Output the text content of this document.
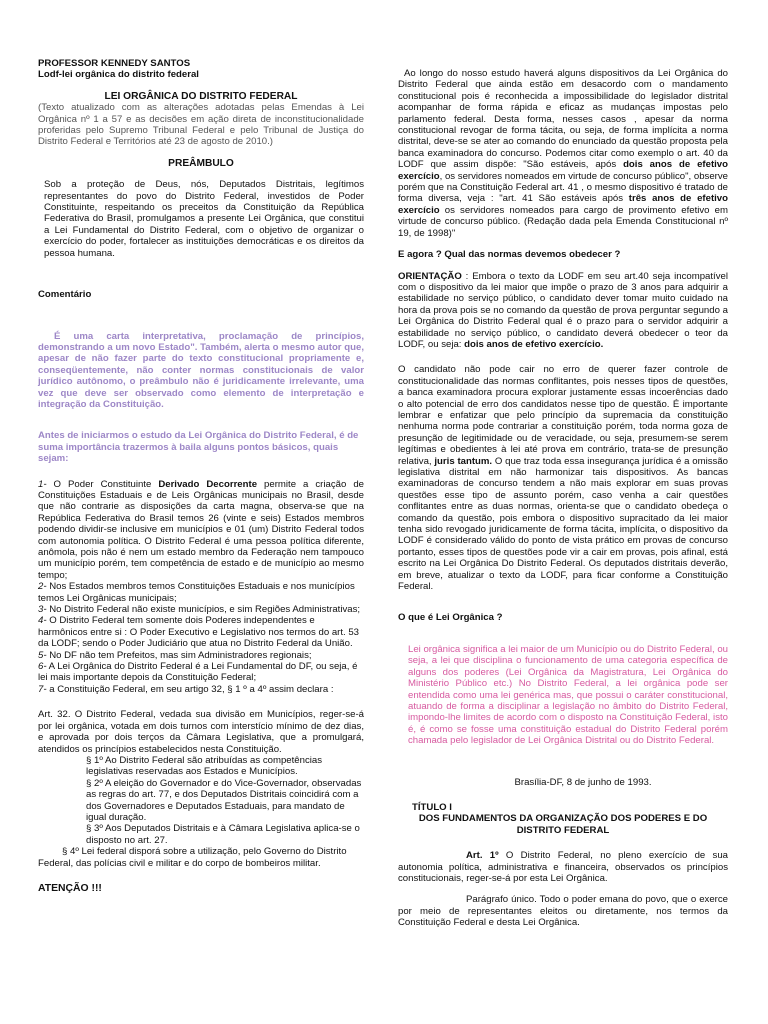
PROFESSOR KENNEDY SANTOS

Lodf-lei orgânica do distrito federal

LEI ORGÂNICA DO DISTRITO FEDERAL

(Texto atualizado com as alterações adotadas pelas Emendas à Lei Orgânica nº 1 a 57 e as decisões em ação direta de inconstitucionalidade proferidas pelo Supremo Tribunal Federal e pelo Tribunal de Justiça do Distrito Federal e Territórios até 23 de agosto de 2010.)

PREÂMBULO

Sob a proteção de Deus, nós, Deputados Distritais, legítimos representantes do povo do Distrito Federal, investidos de Poder Constituinte, respeitando os preceitos da Constituição da República Federativa do Brasil, promulgamos a presente Lei Orgânica, que constitui a Lei Fundamental do Distrito Federal, com o objetivo de organizar o exercício do poder, fortalecer as instituições democráticas e os direitos da pessoa humana.

Comentário

É uma carta interpretativa, proclamação de princípios, demonstrando a um novo Estado". Também, alerta o mesmo autor que, apesar de não fazer parte do texto constitucional propriamente e, conseqüentemente, não conter normas constitucionais de valor jurídico autônomo, o preâmbulo não é juridicamente irrelevante, uma vez que deve ser observado como elemento de interpretação e integração da Constituição.

Antes de iniciarmos o estudo da Lei Orgânica do Distrito Federal, é de suma importância trazermos à baila alguns pontos básicos, quais sejam:

1- O Poder Constituinte Derivado Decorrente permite a criação de Constituições Estaduais e de Leis Orgânicas municipais no Brasil, desde que não contrarie as disposições da carta magna, observa-se que na República Federativa do Brasil temos 26 (vinte e seis) Estados membros podendo dividir-se inclusive em municípios e 01 (um) Distrito Federal todos com autonomia política. O Distrito Federal é uma pessoa política diferente, anômola, pois não é nem um estado membro da Federação nem tampouco um município porém, tem competência de estado e de município ao mesmo tempo;

2- Nos Estados membros temos Constituições Estaduais e nos municípios temos Lei Orgânicas municipais;

3- No Distrito Federal não existe municípios, e sim Regiões Administrativas;

4- O Distrito Federal tem somente dois Poderes independentes e harmônicos entre si : O Poder Executivo e Legislativo nos termos do art. 53 da LODF; sendo o Poder Judiciário que atua no Distrito Federal da União.

5- No DF não tem Prefeitos, mas sim Administradores regionais;

6- A Lei Orgânica do Distrito Federal é a Lei Fundamental do DF, ou seja, é lei mais importante depois da Constituição Federal;

7- a Constituição Federal, em seu artigo 32, § 1 º a 4º assim declara :

Art. 32. O Distrito Federal, vedada sua divisão em Municípios, reger-se-á por lei orgânica, votada em dois turnos com interstício mínimo de dez dias, e aprovada por dois terços da Câmara Legislativa, que a promulgará, atendidos os princípios estabelecidos nesta Constituição.

§ 1º Ao Distrito Federal são atribuídas as competências legislativas reservadas aos Estados e Municípios.

§ 2º A eleição do Governador e do Vice-Governador, observadas as regras do art. 77, e dos Deputados Distritais coincidirá com a dos Governadores e Deputados Estaduais, para mandato de igual duração.

§ 3º Aos Deputados Distritais e à Câmara Legislativa aplica-se o disposto no art. 27.

§ 4º Lei federal disporá sobre a utilização, pelo Governo do Distrito Federal, das polícias civil e militar e do corpo de bombeiros militar.

ATENÇÃO !!!

Ao longo do nosso estudo haverá alguns dispositivos da Lei Orgânica do Distrito Federal que ainda estão em desacordo com o mandamento constitucional pois é reconhecida a impossibilidade do legislador distrital acompanhar de forma rápida e eficaz as mudanças impostas pelo parlamento federal. Desta forma, nesses casos , apesar da norma constitucional revogar de forma tácita, ou seja, de forma implícita a norma distrital, deve-se se ater ao comando do enunciado da questão proposta pela banca examinadora do concurso. Podemos citar como exemplo o art. 40 da LODF que assim dispõe: "São estáveis, após dois anos de efetivo exercício, os servidores nomeados em virtude de concurso público", observe porém que na Constituição Federal art. 41 , o mesmo dispositivo é tratado de forma diversa, veja : "art. 41 São estáveis após três anos de efetivo exercício os servidores nomeados para cargo de provimento efetivo em virtude de concurso público. (Redação dada pela Emenda Constitucional nº 19, de 1998)"

E agora ? Qual das normas devemos obedecer ?

ORIENTAÇÃO : Embora o texto da LODF em seu art.40 seja incompatível com o dispositivo da lei maior que impõe o prazo de 3 anos para adquirir a estabilidade no serviço público, o candidato dever tomar muito cuidado na hora da prova pois se no comando da questão de prova perguntar segundo a Lei Orgânica do Distrito Federal qual é o prazo para o servidor adquirir a estabilidade no serviço público, o candidato deverá obedecer o teor da LODF, ou seja: dois anos de efetivo exercício.

O candidato não pode cair no erro de querer fazer controle de constitucionalidade das normas conflitantes, pois nesses tipos de questões, a banca examinadora procura explorar justamente essas incoerências dado o alto potencial de erro dos candidatos nesse tipo de questão. É importante lembrar e enfatizar que pelo princípio da supremacia da constituição nenhuma norma pode contrariar a constituição porém, toda norma goza de presunção de legitimidade ou de veracidade, ou seja, presumem-se serem legítimas e obedientes à lei até prova em contrário, trata-se de presunção relativa, juris tantum. O que traz toda essa insegurança jurídica é a omissão legislativa distrital em não harmonizar tais dispositivos. As bancas examinadoras de concurso tendem a não mais explorar em suas provas questões esse tipo de assunto porém, caso venha a cair questões conflitantes entre as duas normas, orienta-se que o candidato obedeça o comando da questão, pois embora o dispositivo supracitado da lei maior tenha sido revogado juridicamente de forma tácita, implícita, o dispositivo da LODF é considerado válido do ponto de vista prático em provas de concurso portanto, esses tipos de questões pode vir a cair em provas, pois afinal, está escrito na Lei Orgânica Do Distrito Federal. Os deputados distritais deverão, em breve, atualizar o texto da LODF, para ficar conforme a Constituição Federal.

O que é Lei Orgânica ?

Lei orgânica significa a lei maior de um Município ou do Distrito Federal, ou seja, a lei que disciplina o funcionamento de uma categoria específica de alguns dos poderes (Lei Orgânica da Magistratura, Lei Orgânica do Ministério Público etc.) No Distrito Federal, a lei orgânica pode ser entendida como uma lei genérica mas, que possui o caráter constitucional, atuando de forma a disciplinar a legislação no âmbito do Distrito Federal, impondo-lhe limites de acordo com o disposto na Constituição Federal, isto é, é como se fosse uma constituição estadual do Distrito Federal porém chamada pelo legislador de Lei Orgânica Distrital ou do Distrito Federal.

Brasília-DF, 8 de junho de 1993.

TÍTULO I

DOS FUNDAMENTOS DA ORGANIZAÇÃO DOS PODERES E DO DISTRITO FEDERAL

Art. 1º O Distrito Federal, no pleno exercício de sua autonomia política, administrativa e financeira, observados os princípios constitucionais, reger-se-á por esta Lei Orgânica.

Parágrafo único. Todo o poder emana do povo, que o exerce por meio de representantes eleitos ou diretamente, nos termos da Constituição Federal e desta Lei Orgânica.
